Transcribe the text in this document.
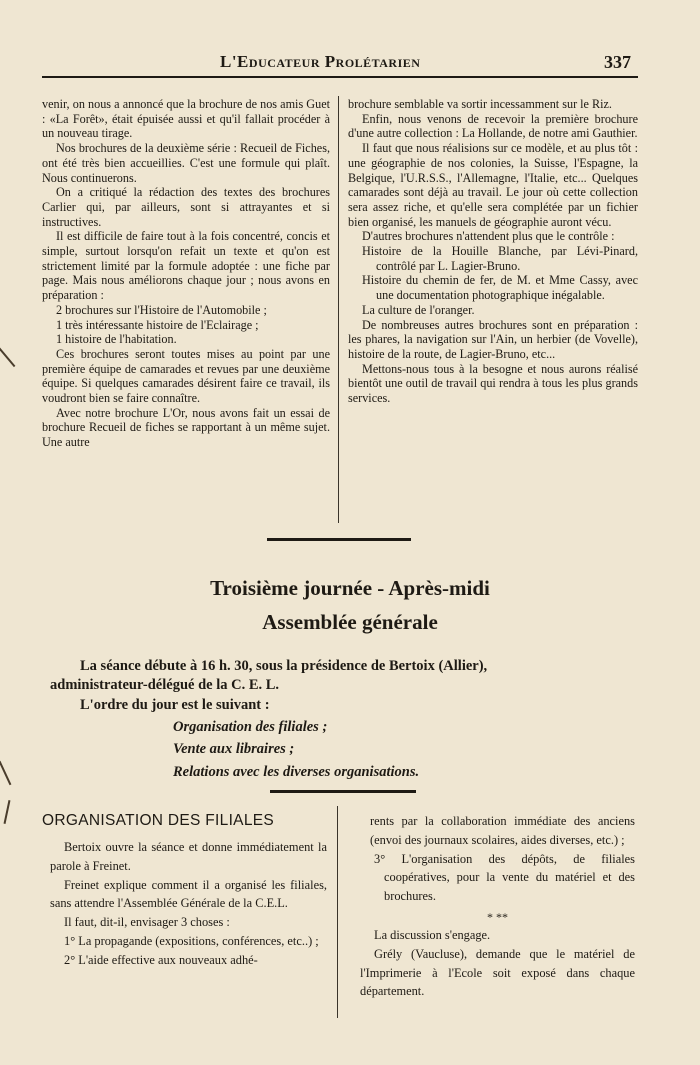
L'Educateur Prolétarien	337

venir, on nous a annoncé que la brochure de nos amis Guet : «La Forêt», était épuisée aussi et qu'il fallait procéder à un nouveau tirage.

Nos brochures de la deuxième série : Recueil de Fiches, ont été très bien accueillies. C'est une formule qui plaît. Nous continuerons.

On a critiqué la rédaction des textes des brochures Carlier qui, par ailleurs, sont si attrayantes et si instructives.

Il est difficile de faire tout à la fois concentré, concis et simple, surtout lorsqu'on refait un texte et qu'on est strictement limité par la formule adoptée : une fiche par page. Mais nous améliorons chaque jour ; nous avons en préparation :

2 brochures sur l'Histoire de l'Automobile ;

1 très intéressante histoire de l'Eclairage ;

1 histoire de l'habitation.

Ces brochures seront toutes mises au point par une première équipe de camarades et revues par une deuxième équipe. Si quelques camarades désirent faire ce travail, ils voudront bien se faire connaître.

Avec notre brochure L'Or, nous avons fait un essai de brochure Recueil de fiches se rapportant à un même sujet. Une autre

brochure semblable va sortir incessamment sur le Riz.

Enfin, nous venons de recevoir la première brochure d'une autre collection : La Hollande, de notre ami Gauthier.

Il faut que nous réalisions sur ce modèle, et au plus tôt : une géographie de nos colonies, la Suisse, l'Espagne, la Belgique, l'U.R.S.S., l'Allemagne, l'Italie, etc... Quelques camarades sont déjà au travail. Le jour où cette collection sera assez riche, et qu'elle sera complétée par un fichier bien organisé, les manuels de géographie auront vécu.

D'autres brochures n'attendent plus que le contrôle :

Histoire de la Houille Blanche, par Lévi-Pinard, contrôlé par L. Lagier-Bruno.

Histoire du chemin de fer, de M. et Mme Cassy, avec une documentation photographique inégalable.

La culture de l'oranger.

De nombreuses autres brochures sont en préparation : les phares, la navigation sur l'Ain, un herbier (de Vovelle), histoire de la route, de Lagier-Bruno, etc...

Mettons-nous tous à la besogne et nous aurons réalisé bientôt une outil de travail qui rendra à tous les plus grands services.

Troisième journée - Après-midi
Assemblée générale
La séance débute à 16 h. 30, sous la présidence de Bertoix (Allier),
administrateur-délégué de la C. E. L.
L'ordre du jour est le suivant :
Organisation des filiales ;
Vente aux libraires ;
Relations avec les diverses organisations.
ORGANISATION DES FILIALES

Bertoix ouvre la séance et donne immédiatement la parole à Freinet.

Freinet explique comment il a organisé les filiales, sans attendre l'Assemblée Générale de la C.E.L.

Il faut, dit-il, envisager 3 choses :

1° La propagande (expositions, conférences, etc..) ;

2° L'aide effective aux nouveaux adhé-

rents par la collaboration immédiate des anciens (envoi des journaux scolaires, aides diverses, etc.) ;

3° L'organisation des dépôts, de filiales coopératives, pour la vente du matériel et des brochures.

* **

La discussion s'engage.

Grély (Vaucluse), demande que le matériel de l'Imprimerie à l'Ecole soit exposé dans chaque département.
